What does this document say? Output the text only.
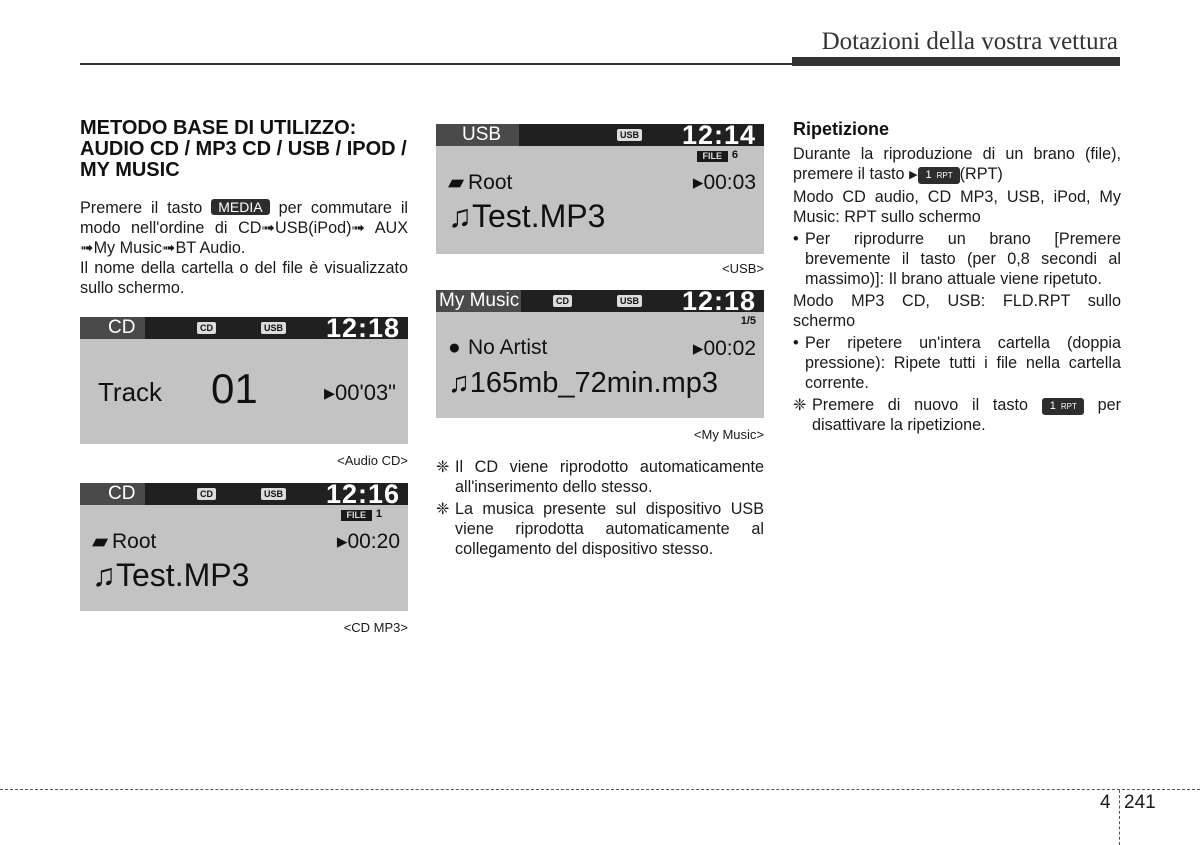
Dotazioni della vostra vettura
METODO BASE DI UTILIZZO: AUDIO CD / MP3 CD / USB / IPOD / MY MUSIC

Premere il tasto MEDIA per commutare il modo nell'ordine di CD➟USB(iPod)➟ AUX ➟My Music➟BT Audio.

Il nome della cartella o del file è visualizzato sullo schermo.

CD	CD	USB 12:18
Track 01	▸00'03"
<Audio CD>
CD	CD	USB 12:16
FILE 1
▰ Root	▸00:20
♫Test.MP3
<CD MP3>
USB	USB 12:14
FILE 6
▰ Root	▸00:03
♫Test.MP3
<USB>
My Music	CD	USB 12:18
1/5
● No Artist	▸00:02
♫165mb_72min.mp3
<My Music>
❈ Il CD viene riprodotto automaticamente all'inserimento dello stesso.
❈ La musica presente sul dispositivo USB viene riprodotta automaticamente al collegamento del dispositivo stesso.
Ripetizione

Durante la riproduzione di un brano (file), premere il tasto ▶ 1 RPT (RPT)

Modo CD audio, CD MP3, USB, iPod, My Music: RPT sullo schermo

• Per riprodurre un brano [Premere brevemente il tasto (per 0,8 secondi al massimo)]: Il brano attuale viene ripetuto.

Modo MP3 CD, USB: FLD.RPT sullo schermo

• Per ripetere un'intera cartella (doppia pressione): Ripete tutti i file nella cartella corrente.
❈ Premere di nuovo il tasto 1 RPT per disattivare la ripetizione.
4 241
